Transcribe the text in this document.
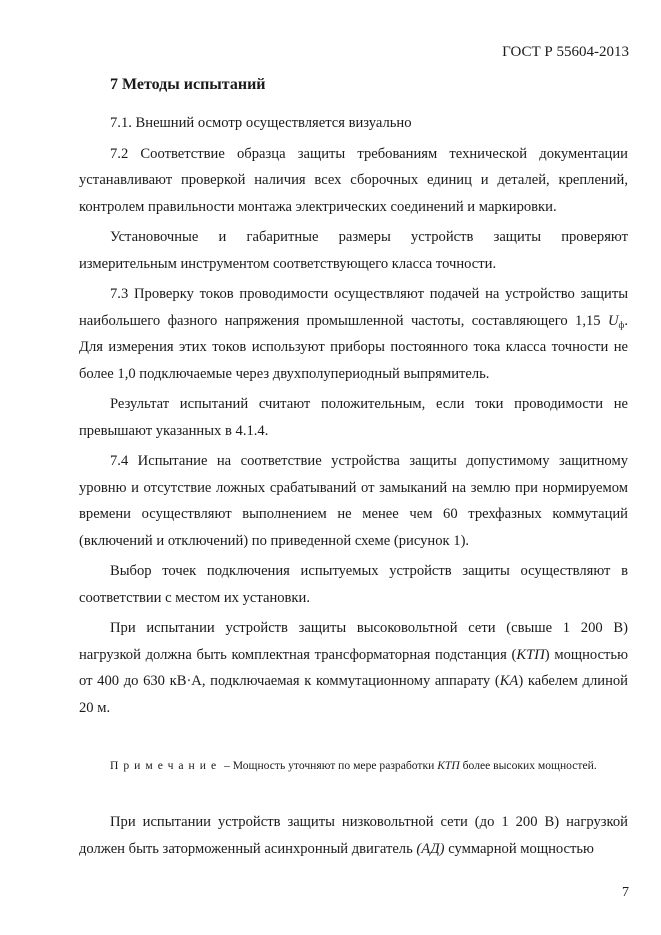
ГОСТ Р 55604-2013
7 Методы испытаний

7.1. Внешний осмотр осуществляется визуально

7.2 Соответствие образца защиты требованиям технической документации устанавливают проверкой наличия всех сборочных единиц и деталей, креплений, контролем правильности монтажа электрических соединений и маркировки.

Установочные и габаритные размеры устройств защиты проверяют измерительным инструментом соответствующего класса точности.

7.3 Проверку токов проводимости осуществляют подачей на устройство защиты наибольшего фазного напряжения промышленной частоты, составляющего 1,15 $U_ф$. Для измерения этих токов используют приборы постоянного тока класса точности не более 1,0 подключаемые через двухполупериодный выпрямитель.

Результат испытаний считают положительным, если токи проводимости не превышают указанных в 4.1.4.

7.4 Испытание на соответствие устройства защиты допустимому защитному уровню и отсутствие ложных срабатываний от замыканий на землю при нормируемом времени осуществляют выполнением не менее чем 60 трехфазных коммутаций (включений и отключений) по приведенной схеме (рисунок 1).

Выбор точек подключения испытуемых устройств защиты осуществляют в соответствии с местом их установки.

При испытании устройств защиты высоковольтной сети (свыше 1 200 В) нагрузкой должна быть комплектная трансформаторная подстанция (КТП) мощностью от 400 до 630 кВ·А, подключаемая к коммутационному аппарату (КА) кабелем длиной 20 м.

Примечание – Мощность уточняют по мере разработки КТП более высоких мощностей.

При испытании устройств защиты низковольтной сети (до 1 200 В) нагрузкой должен быть заторможенный асинхронный двигатель (АД) суммарной мощностью

7
